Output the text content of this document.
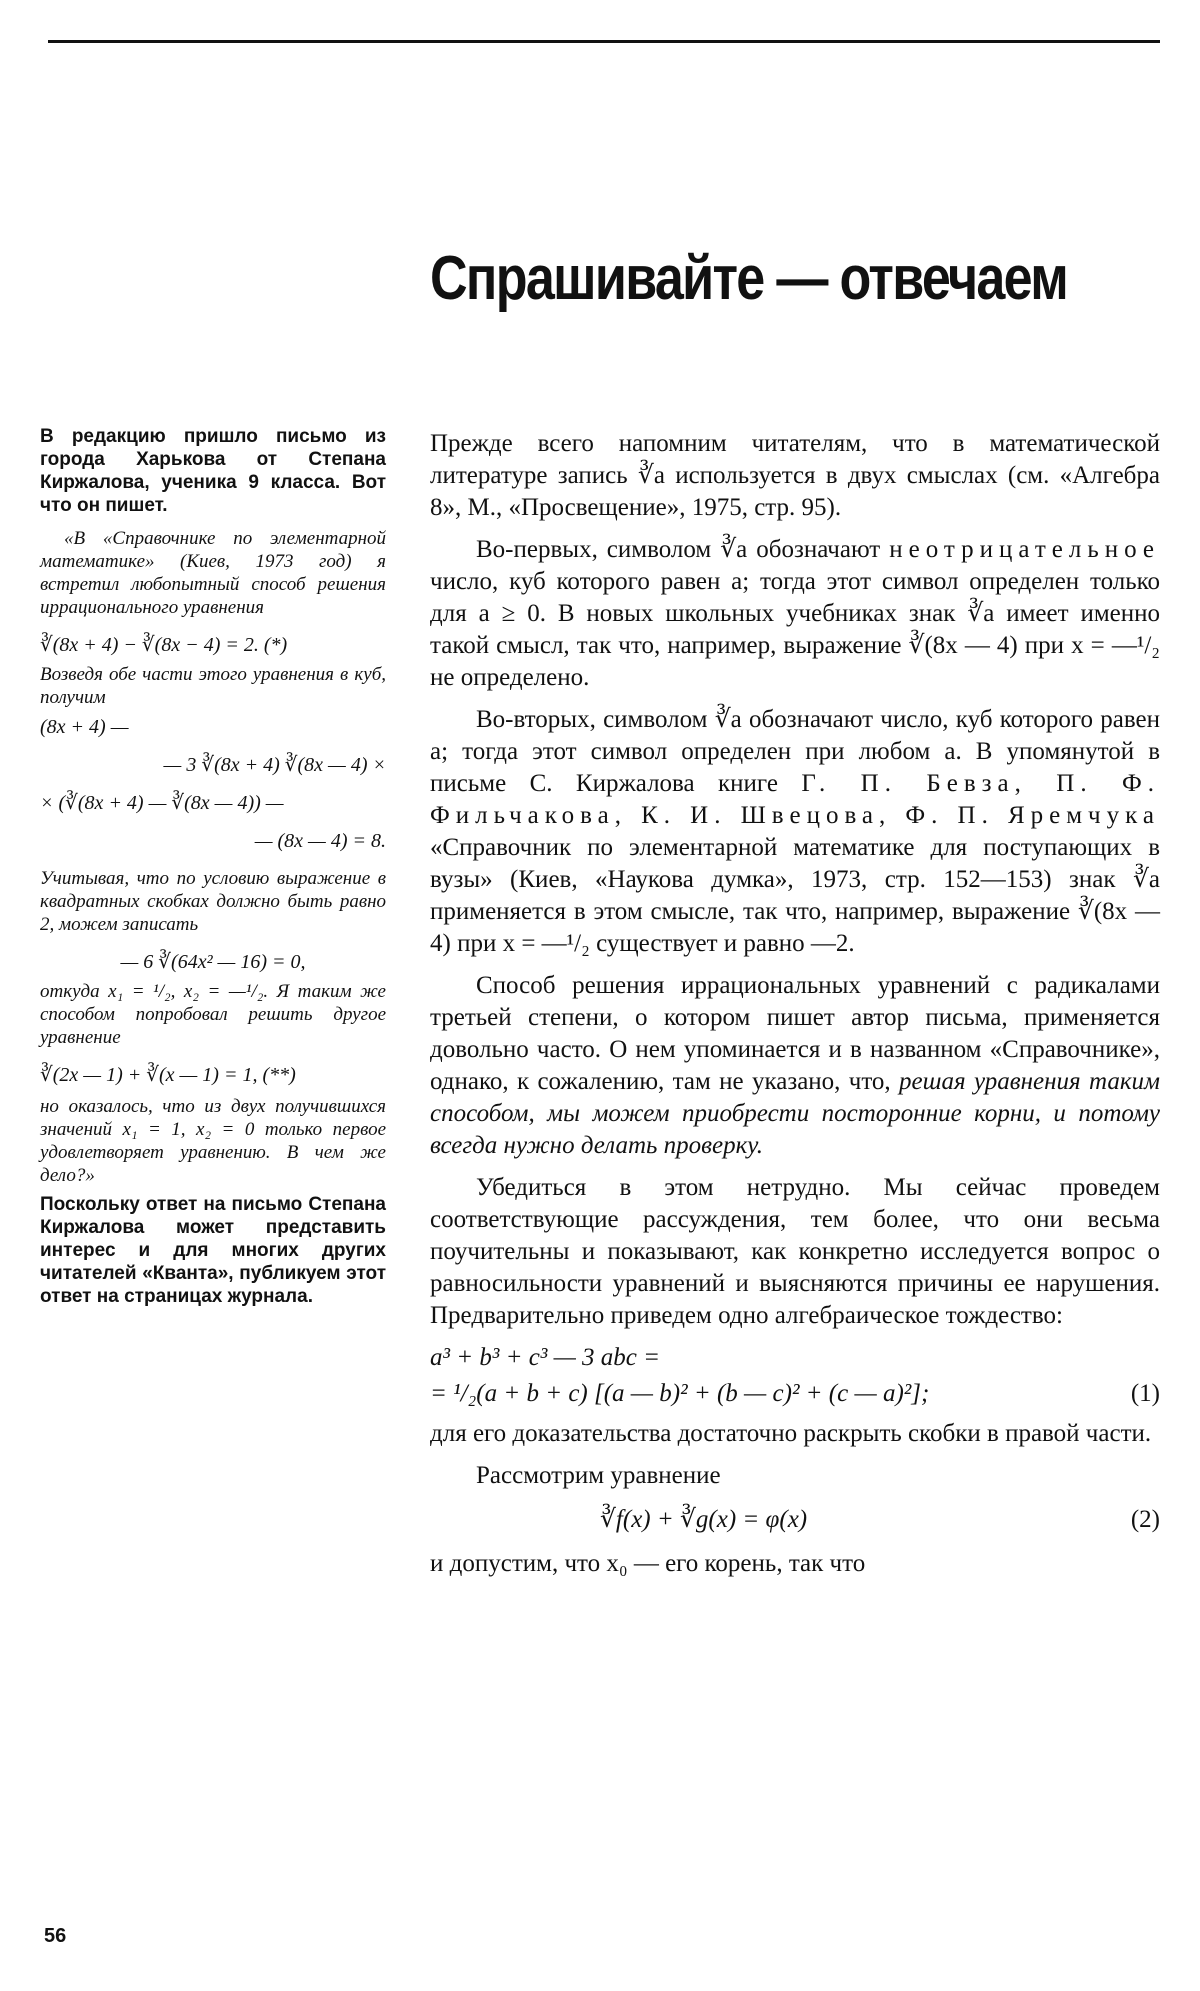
Спрашивайте — отвечаем
В редакцию пришло письмо из города Харькова от Степана Киржалова, ученика 9 класса. Вот что он пишет.
«В «Справочнике по элементарной математике» (Киев, 1973 год) я встретил любопытный способ решения иррационального уравнения
∛(8x + 4) − ∛(8x − 4) = 2. (*)
Возведя обе части этого уравнения в куб, получим
(8x + 4) —
— 3 ∛(8x + 4) ∛(8x — 4) ×
× (∛(8x + 4) — ∛(8x — 4)) —
— (8x — 4) = 8.
Учитывая, что по условию выражение в квадратных скобках должно быть равно 2, можем записать
— 6 ∛(64x² — 16) = 0,
откуда x₁ = ¹/₂, x₂ = —¹/₂. Я таким же способом попробовал решить другое уравнение
∛(2x — 1) + ∛(x — 1) = 1, (**)
но оказалось, что из двух получившихся значений x₁ = 1, x₂ = 0 только первое удовлетворяет уравнению. В чем же дело?»
Поскольку ответ на письмо Степана Киржалова может представить интерес и для многих других читателей «Кванта», публикуем этот ответ на страницах журнала.

Прежде всего напомним читателям, что в математической литературе запись ∛a используется в двух смыслах (см. «Алгебра 8», М., «Просвещение», 1975, стр. 95).

Во-первых, символом ∛a обозначают неотрицательное число, куб которого равен a; тогда этот символ определен только для a ≥ 0. В новых школьных учебниках знак ∛a имеет именно такой смысл, так что, например, выражение ∛(8x — 4) при x = —¹/₂ не определено.

Во-вторых, символом ∛a обозначают число, куб которого равен a; тогда этот символ определен при любом a. В упомянутой в письме С. Киржалова книге Г. П. Бевза, П. Ф. Фильчакова, К. И. Швецова, Ф. П. Яремчука «Справочник по элементарной математике для поступающих в вузы» (Киев, «Наукова думка», 1973, стр. 152—153) знак ∛a применяется в этом смысле, так что, например, выражение ∛(8x — 4) при x = —¹/₂ существует и равно —2.

Способ решения иррациональных уравнений с радикалами третьей степени, о котором пишет автор письма, применяется довольно часто. О нем упоминается и в названном «Справочнике», однако, к сожалению, там не указано, что, решая уравнения таким способом, мы можем приобрести посторонние корни, и потому всегда нужно делать проверку.

Убедиться в этом нетрудно. Мы сейчас проведем соответствующие рассуждения, тем более, что они весьма поучительны и показывают, как конкретно исследуется вопрос о равносильности уравнений и выясняются причины ее нарушения. Предварительно приведем одно алгебраическое тождество:

a³ + b³ + c³ — 3 abc =
= ¹/₂(a + b + c) [(a — b)² + (b — c)² + (c — a)²];	(1)

для его доказательства достаточно раскрыть скобки в правой части.

Рассмотрим уравнение

∛f(x) + ∛g(x) = φ(x)	(2)

и допустим, что x₀ — его корень, так что

56
